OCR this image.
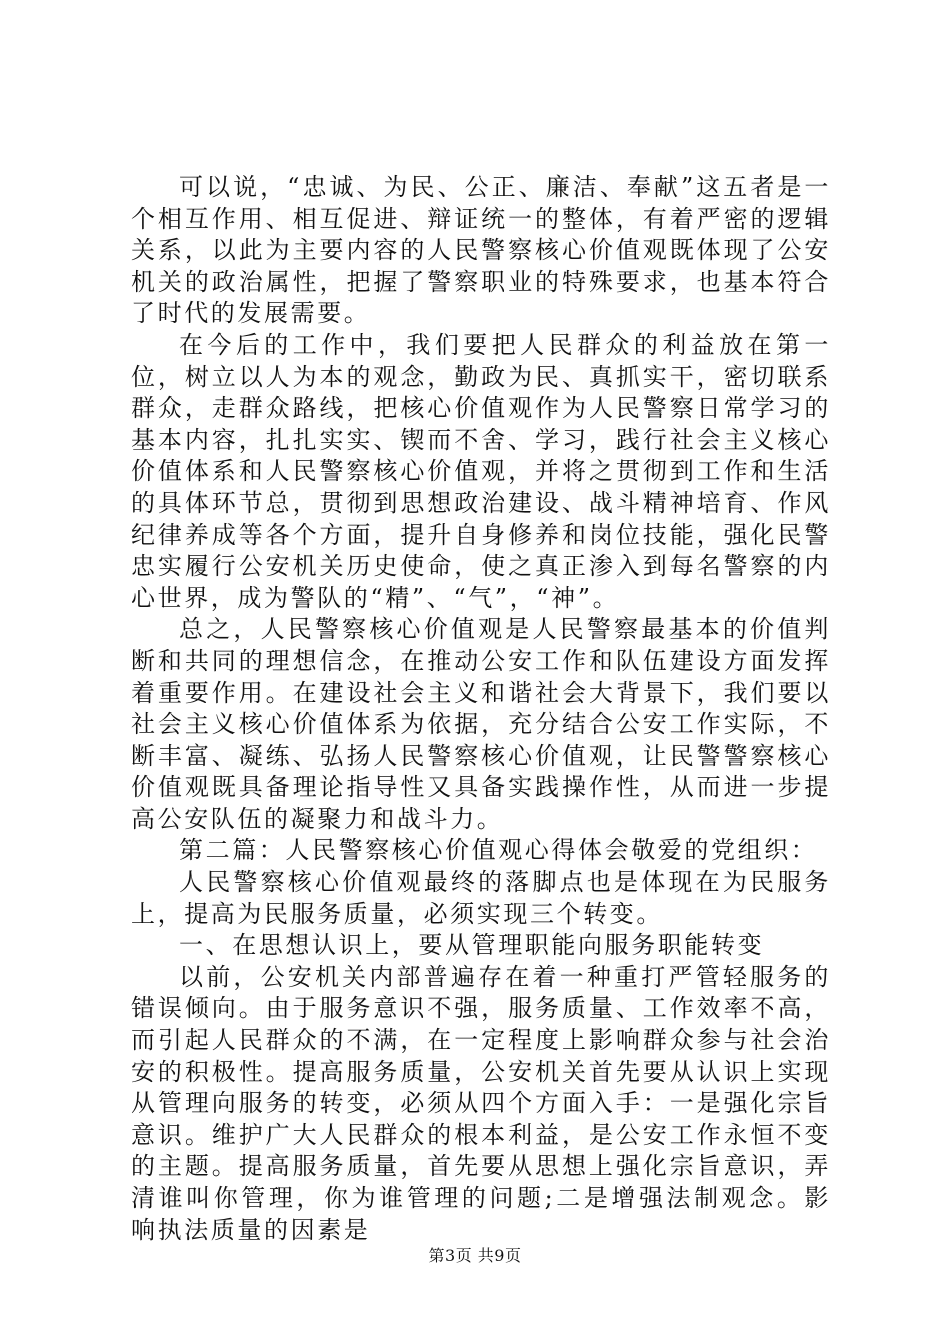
可以说，“忠诚、为民、公正、廉洁、奉献”这五者是一个相互作用、相互促进、辩证统一的整体，有着严密的逻辑关系，以此为主要内容的人民警察核心价值观既体现了公安机关的政治属性，把握了警察职业的特殊要求，也基本符合了时代的发展需要。

在今后的工作中，我们要把人民群众的利益放在第一位，树立以人为本的观念，勤政为民、真抓实干，密切联系群众，走群众路线，把核心价值观作为人民警察日常学习的基本内容，扎扎实实、锲而不舍、学习，践行社会主义核心价值体系和人民警察核心价值观，并将之贯彻到工作和生活的具体环节总，贯彻到思想政治建设、战斗精神培育、作风纪律养成等各个方面，提升自身修养和岗位技能，强化民警忠实履行公安机关历史使命，使之真正渗入到每名警察的内心世界，成为警队的“精”、“气”，“神”。

总之，人民警察核心价值观是人民警察最基本的价值判断和共同的理想信念，在推动公安工作和队伍建设方面发挥着重要作用。在建设社会主义和谐社会大背景下，我们要以社会主义核心价值体系为依据，充分结合公安工作实际，不断丰富、凝练、弘扬人民警察核心价值观，让民警警察核心价值观既具备理论指导性又具备实践操作性，从而进一步提高公安队伍的凝聚力和战斗力。

第二篇：人民警察核心价值观心得体会敬爱的党组织：

人民警察核心价值观最终的落脚点也是体现在为民服务上，提高为民服务质量，必须实现三个转变。

一、在思想认识上，要从管理职能向服务职能转变

以前，公安机关内部普遍存在着一种重打严管轻服务的错误倾向。由于服务意识不强，服务质量、工作效率不高，而引起人民群众的不满，在一定程度上影响群众参与社会治安的积极性。提高服务质量，公安机关首先要从认识上实现从管理向服务的转变，必须从四个方面入手：一是强化宗旨意识。维护广大人民群众的根本利益，是公安工作永恒不变的主题。提高服务质量，首先要从思想上强化宗旨意识，弄清谁叫你管理，你为谁管理的问题;二是增强法制观念。影响执法质量的因素是

第3页 共9页
